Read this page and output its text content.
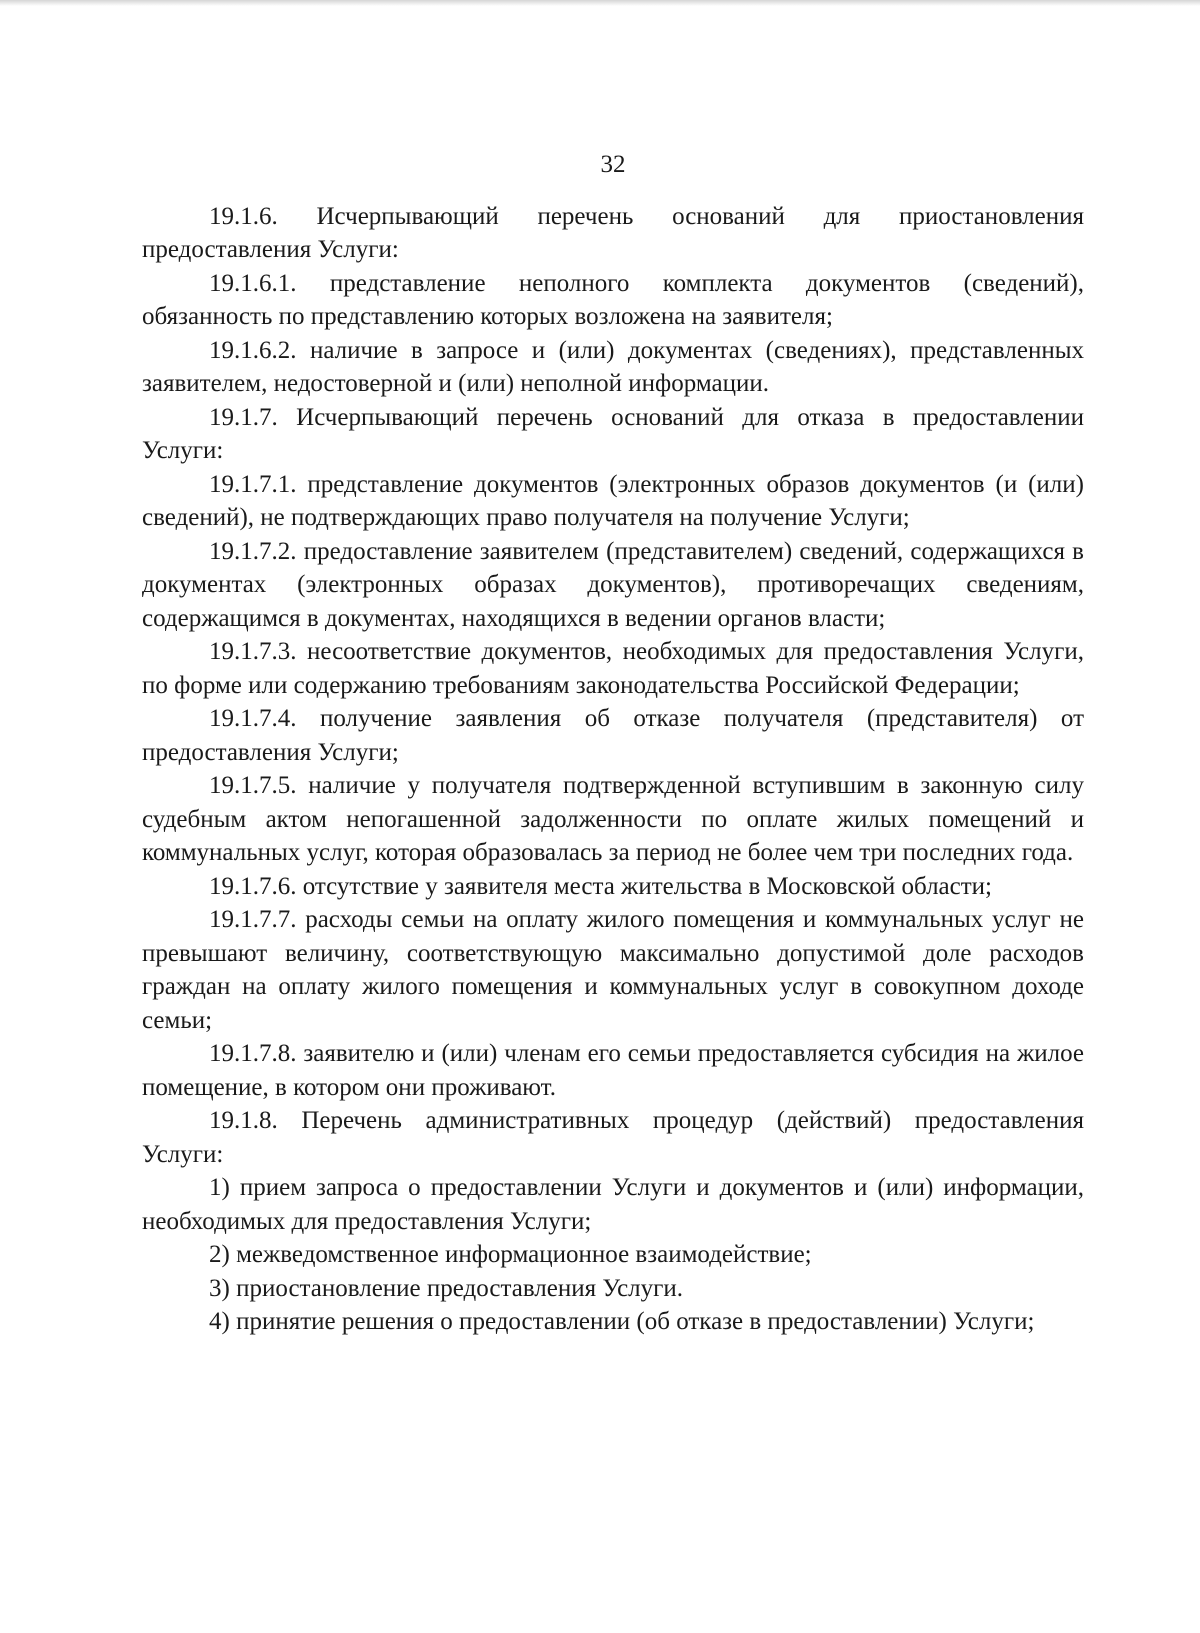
32

19.1.6. Исчерпывающий перечень оснований для приостановления предоставления Услуги:

19.1.6.1. представление неполного комплекта документов (сведений), обязанность по представлению которых возложена на заявителя;

19.1.6.2. наличие в запросе и (или) документах (сведениях), представленных заявителем, недостоверной и (или) неполной информации.

19.1.7. Исчерпывающий перечень оснований для отказа в предоставлении Услуги:

19.1.7.1. представление документов (электронных образов документов (и (или) сведений), не подтверждающих право получателя на получение Услуги;

19.1.7.2. предоставление заявителем (представителем) сведений, содержащихся в документах (электронных образах документов), противоречащих сведениям, содержащимся в документах, находящихся в ведении органов власти;

19.1.7.3. несоответствие документов, необходимых для предоставления Услуги, по форме или содержанию требованиям законодательства Российской Федерации;

19.1.7.4. получение заявления об отказе получателя (представителя) от предоставления Услуги;

19.1.7.5. наличие у получателя подтвержденной вступившим в законную силу судебным актом непогашенной задолженности по оплате жилых помещений и коммунальных услуг, которая образовалась за период не более чем три последних года.

19.1.7.6. отсутствие у заявителя места жительства в Московской области;

19.1.7.7. расходы семьи на оплату жилого помещения и коммунальных услуг не превышают величину, соответствующую максимально допустимой доле расходов граждан на оплату жилого помещения и коммунальных услуг в совокупном доходе семьи;

19.1.7.8. заявителю и (или) членам его семьи предоставляется субсидия на жилое помещение, в котором они проживают.

19.1.8. Перечень административных процедур (действий) предоставления Услуги:

1) прием запроса о предоставлении Услуги и документов и (или) информации, необходимых для предоставления Услуги;

2) межведомственное информационное взаимодействие;

3) приостановление предоставления Услуги.

4) принятие решения о предоставлении (об отказе в предоставлении) Услуги;
